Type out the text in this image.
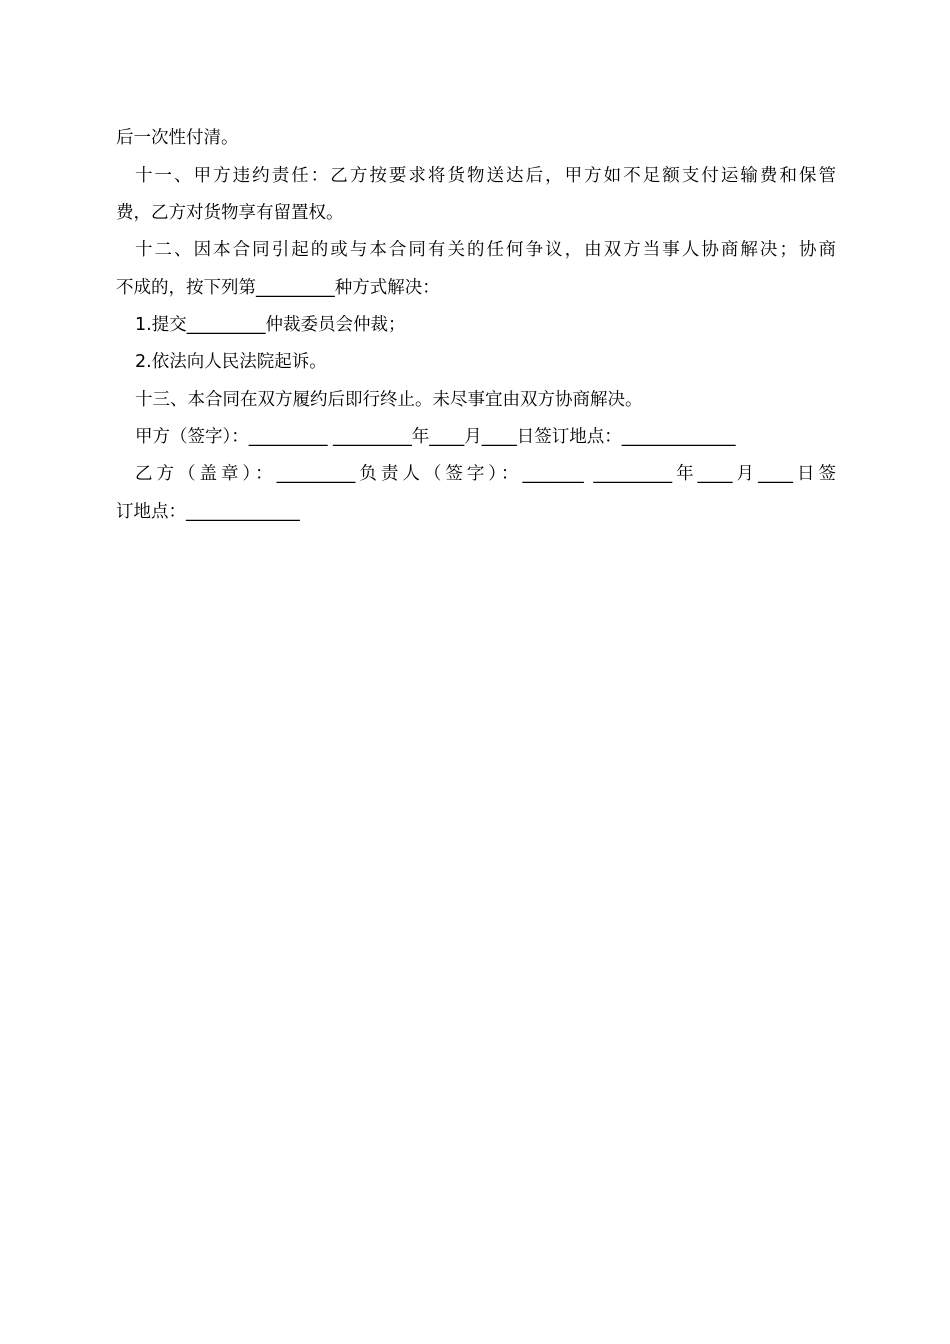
后一次性付清。
十一、甲方违约责任：乙方按要求将货物送达后，甲方如不足额支付运输费和保管
费，乙方对货物享有留置权。
十二、因本合同引起的或与本合同有关的任何争议，由双方当事人协商解决；协商
不成的，按下列第_________种方式解决：
1.提交_________仲裁委员会仲裁；
2.依法向人民法院起诉。
十三、本合同在双方履约后即行终止。未尽事宜由双方协商解决。
甲方（签字）：_________ _________年____月____日签订地点：_____________
乙方（盖章）：_________负责人（签字）：_______ _________年____月____日签
订地点：_____________
